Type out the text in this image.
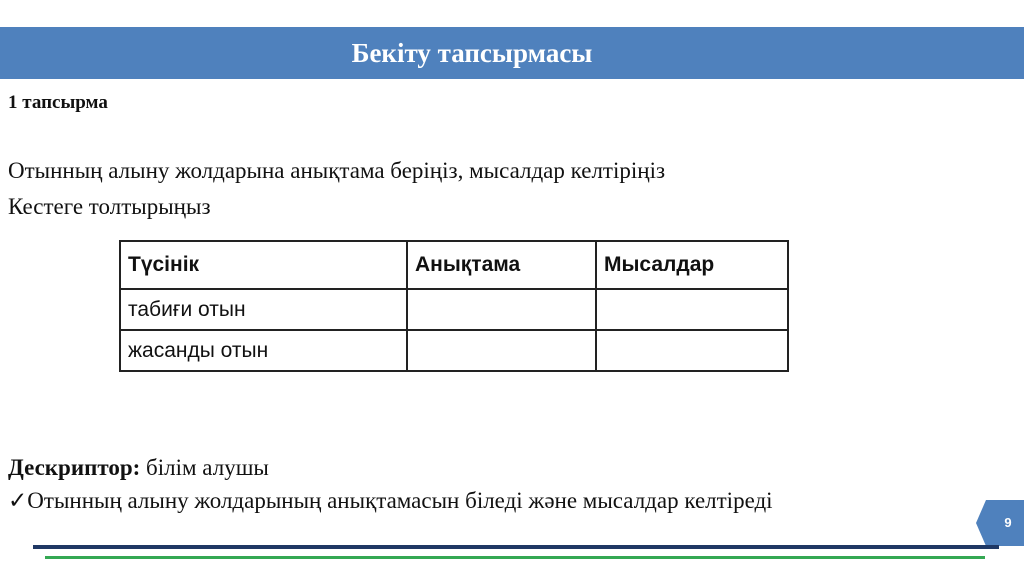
Бекіту тапсырмасы
1 тапсырма
Отынның алыну жолдарына анықтама беріңіз, мысалдар келтіріңіз
Кестеге толтырыңыз
Түсінік	Анықтама	Мысалдар
табиғи отын		
жасанды отын		
Дескриптор: білім алушы
✓Отынның алыну жолдарының анықтамасын біледі және мысалдар келтіреді
9
